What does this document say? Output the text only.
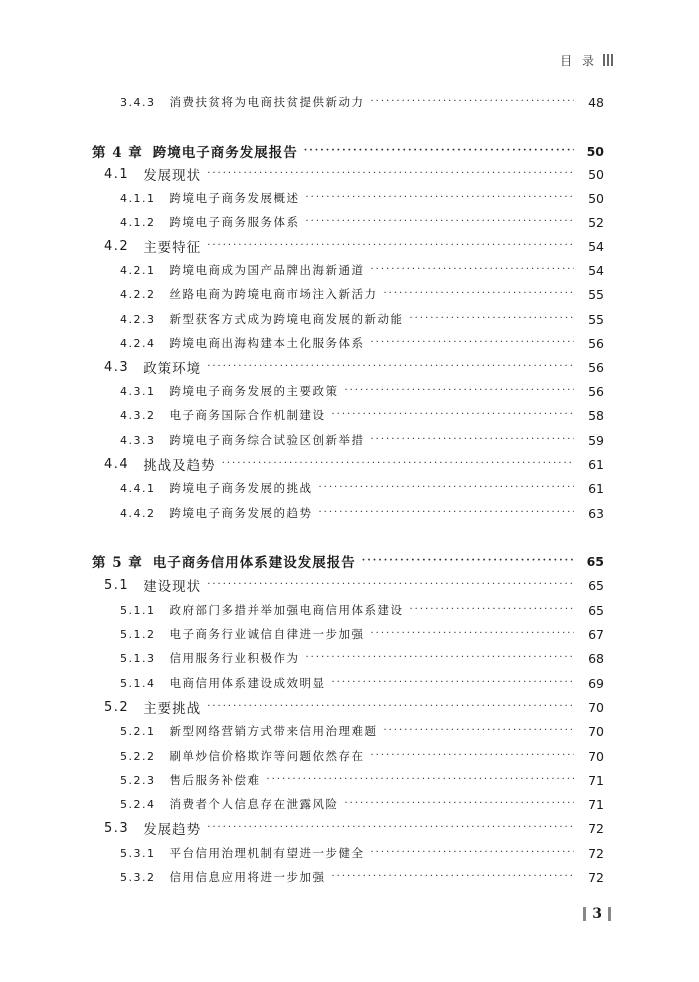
目 录
3.4.3 消费扶贫将为电商扶贫提供新动力 ·····	48
第 4 章 跨境电子商务发展报告 ·····	50
4.1 发展现状 ·····	50
4.1.1 跨境电子商务发展概述 ·····	50
4.1.2 跨境电子商务服务体系 ·····	52
4.2 主要特征 ·····	54
4.2.1 跨境电商成为国产品牌出海新通道 ·····	54
4.2.2 丝路电商为跨境电商市场注入新活力 ·····	55
4.2.3 新型获客方式成为跨境电商发展的新动能 ·····	55
4.2.4 跨境电商出海构建本土化服务体系 ·····	56
4.3 政策环境 ·····	56
4.3.1 跨境电子商务发展的主要政策 ·····	56
4.3.2 电子商务国际合作机制建设 ·····	58
4.3.3 跨境电子商务综合试验区创新举措 ·····	59
4.4 挑战及趋势 ·····	61
4.4.1 跨境电子商务发展的挑战 ·····	61
4.4.2 跨境电子商务发展的趋势 ·····	63
第 5 章 电子商务信用体系建设发展报告 ·····	65
5.1 建设现状 ·····	65
5.1.1 政府部门多措并举加强电商信用体系建设 ·····	65
5.1.2 电子商务行业诚信自律进一步加强 ·····	67
5.1.3 信用服务行业积极作为 ·····	68
5.1.4 电商信用体系建设成效明显 ·····	69
5.2 主要挑战 ·····	70
5.2.1 新型网络营销方式带来信用治理难题 ·····	70
5.2.2 刷单炒信价格欺诈等问题依然存在 ·····	70
5.2.3 售后服务补偿难 ·····	71
5.2.4 消费者个人信息存在泄露风险 ·····	71
5.3 发展趋势 ·····	72
5.3.1 平台信用治理机制有望进一步健全 ·····	72
5.3.2 信用信息应用将进一步加强 ·····	72
3
